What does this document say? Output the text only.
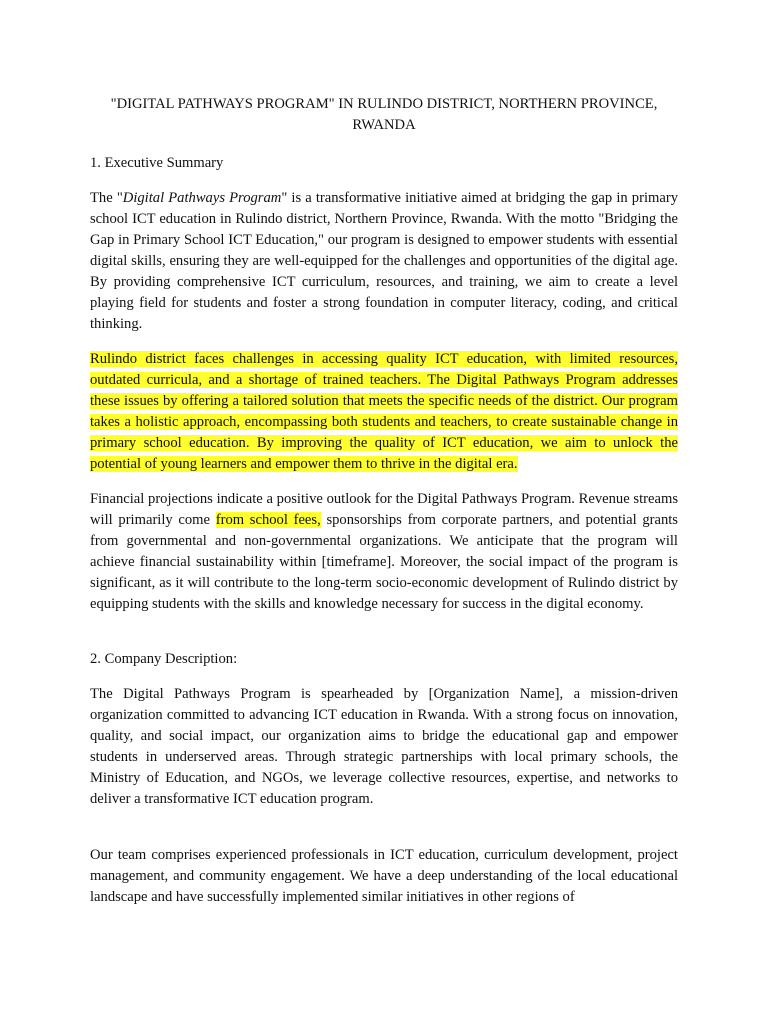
"DIGITAL PATHWAYS PROGRAM" IN RULINDO DISTRICT, NORTHERN PROVINCE, RWANDA
1. Executive Summary

The "Digital Pathways Program" is a transformative initiative aimed at bridging the gap in primary school ICT education in Rulindo district, Northern Province, Rwanda. With the motto "Bridging the Gap in Primary School ICT Education," our program is designed to empower students with essential digital skills, ensuring they are well-equipped for the challenges and opportunities of the digital age. By providing comprehensive ICT curriculum, resources, and training, we aim to create a level playing field for students and foster a strong foundation in computer literacy, coding, and critical thinking.

Rulindo district faces challenges in accessing quality ICT education, with limited resources, outdated curricula, and a shortage of trained teachers. The Digital Pathways Program addresses these issues by offering a tailored solution that meets the specific needs of the district. Our program takes a holistic approach, encompassing both students and teachers, to create sustainable change in primary school education. By improving the quality of ICT education, we aim to unlock the potential of young learners and empower them to thrive in the digital era.

Financial projections indicate a positive outlook for the Digital Pathways Program. Revenue streams will primarily come from school fees, sponsorships from corporate partners, and potential grants from governmental and non-governmental organizations. We anticipate that the program will achieve financial sustainability within [timeframe]. Moreover, the social impact of the program is significant, as it will contribute to the long-term socio-economic development of Rulindo district by equipping students with the skills and knowledge necessary for success in the digital economy.

2. Company Description:

The Digital Pathways Program is spearheaded by [Organization Name], a mission-driven organization committed to advancing ICT education in Rwanda. With a strong focus on innovation, quality, and social impact, our organization aims to bridge the educational gap and empower students in underserved areas. Through strategic partnerships with local primary schools, the Ministry of Education, and NGOs, we leverage collective resources, expertise, and networks to deliver a transformative ICT education program.

Our team comprises experienced professionals in ICT education, curriculum development, project management, and community engagement. We have a deep understanding of the local educational landscape and have successfully implemented similar initiatives in other regions of
